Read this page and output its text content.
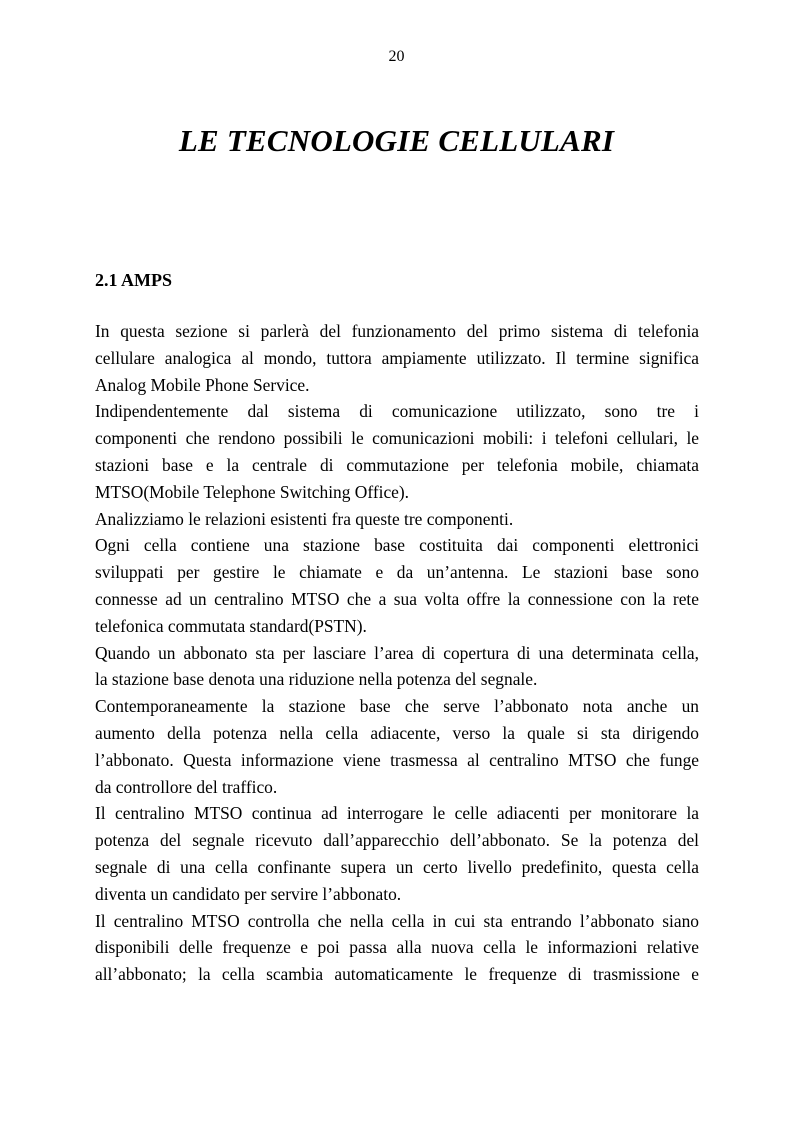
20
LE TECNOLOGIE CELLULARI
2.1 AMPS

In questa sezione si parlerà del funzionamento del primo sistema di telefonia
cellulare analogica al mondo, tuttora ampiamente utilizzato. Il termine significa
Analog Mobile Phone Service.

Indipendentemente dal sistema di comunicazione utilizzato, sono tre i
componenti che rendono possibili le comunicazioni mobili: i telefoni cellulari, le
stazioni base e la centrale di commutazione per telefonia mobile, chiamata
MTSO(Mobile Telephone Switching Office).

Analizziamo le relazioni esistenti fra queste tre componenti.

Ogni cella contiene una stazione base costituita dai componenti elettronici
sviluppati per gestire le chiamate e da un’antenna. Le stazioni base sono
connesse ad un centralino MTSO che a sua volta offre la connessione con la rete
telefonica commutata standard(PSTN).

Quando un abbonato sta per lasciare l’area di copertura di una determinata cella,
la stazione base denota una riduzione nella potenza del segnale.

Contemporaneamente la stazione base che serve l’abbonato nota anche un
aumento della potenza nella cella adiacente, verso la quale si sta dirigendo
l’abbonato. Questa informazione viene trasmessa al centralino MTSO che funge
da controllore del traffico.

Il centralino MTSO continua ad interrogare le celle adiacenti per monitorare la
potenza del segnale ricevuto dall’apparecchio dell’abbonato. Se la potenza del
segnale di una cella confinante supera un certo livello predefinito, questa cella
diventa un candidato per servire l’abbonato.

Il centralino MTSO controlla che nella cella in cui sta entrando l’abbonato siano
disponibili delle frequenze e poi passa alla nuova cella le informazioni relative
all’abbonato; la cella scambia automaticamente le frequenze di trasmissione e
